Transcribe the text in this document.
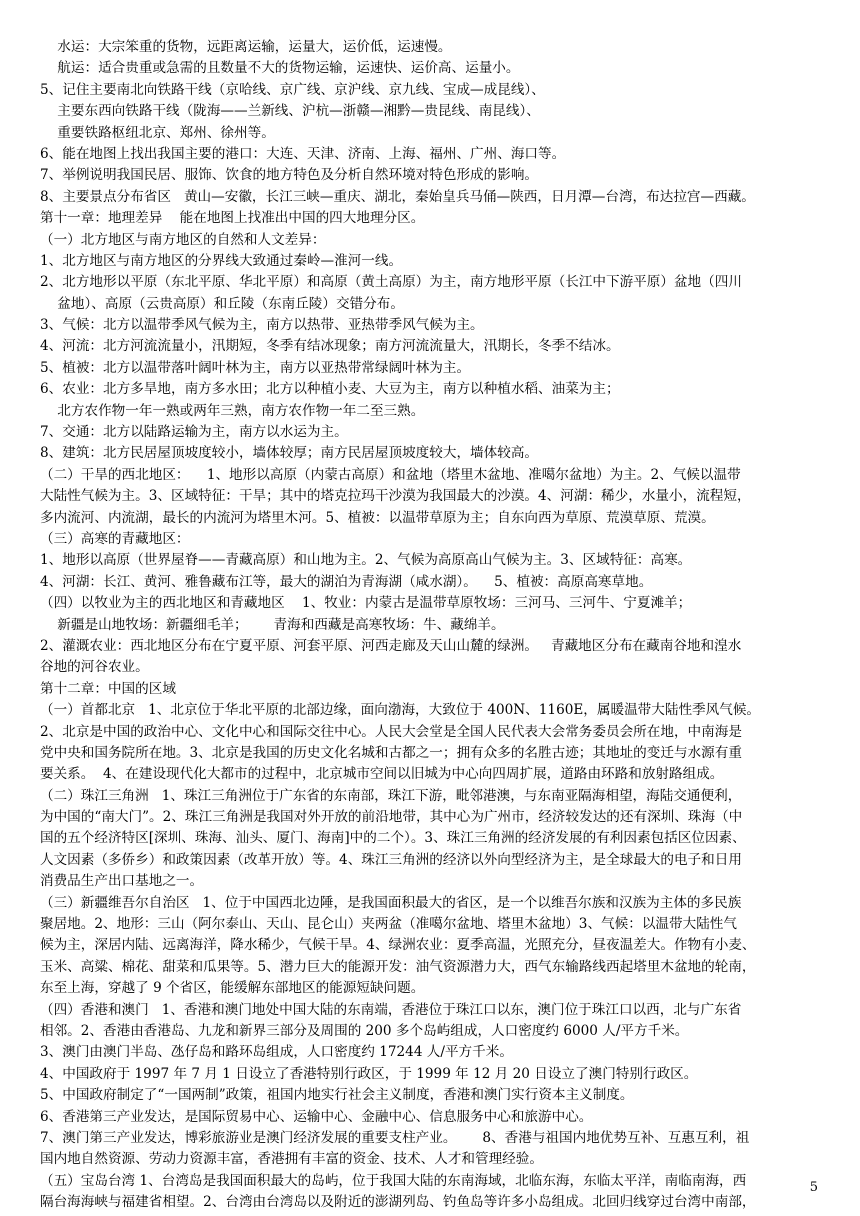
水运：大宗笨重的货物，远距离运输，运量大，运价低，运速慢。
航运：适合贵重或急需的且数量不大的货物运输，运速快、运价高、运量小。
5、记住主要南北向铁路干线（京哈线、京广线、京沪线、京九线、宝成—成昆线）、
主要东西向铁路干线（陇海——兰新线、沪杭—浙赣—湘黔—贵昆线、南昆线）、
重要铁路枢纽北京、郑州、徐州等。
6、能在地图上找出我国主要的港口：大连、天津、济南、上海、福州、广州、海口等。
7、举例说明我国民居、服饰、饮食的地方特色及分析自然环境对特色形成的影响。
8、主要景点分布省区   黄山—安徽，长江三峡—重庆、湖北，秦始皇兵马俑—陕西，日月潭—台湾，布达拉宫—西藏。
第十一章：地理差异    能在地图上找准出中国的四大地理分区。
（一）北方地区与南方地区的自然和人文差异：
1、北方地区与南方地区的分界线大致通过秦岭—淮河一线。
2、北方地形以平原（东北平原、华北平原）和高原（黄土高原）为主，南方地形平原（长江中下游平原）盆地（四川
盆地）、高原（云贵高原）和丘陵（东南丘陵）交错分布。
3、气候：北方以温带季风气候为主，南方以热带、亚热带季风气候为主。
4、河流：北方河流流量小，汛期短，冬季有结冰现象；南方河流流量大，汛期长，冬季不结冰。
5、植被：北方以温带落叶阔叶林为主，南方以亚热带常绿阔叶林为主。
6、农业：北方多旱地，南方多水田；北方以种植小麦、大豆为主，南方以种植水稻、油菜为主；
北方农作物一年一熟或两年三熟，南方农作物一年二至三熟。
7、交通：北方以陆路运输为主，南方以水运为主。
8、建筑：北方民居屋顶坡度较小，墙体较厚；南方民居屋顶坡度较大，墙体较高。
（二）干旱的西北地区：    1、地形以高原（内蒙古高原）和盆地（塔里木盆地、准噶尔盆地）为主。2、气候以温带
大陆性气候为主。3、区域特征：干旱；其中的塔克拉玛干沙漠为我国最大的沙漠。4、河湖：稀少，水量小，流程短，
多内流河、内流湖，最长的内流河为塔里木河。5、植被：以温带草原为主；自东向西为草原、荒漠草原、荒漠。
（三）高寒的青藏地区：
1、地形以高原（世界屋脊——青藏高原）和山地为主。2、气候为高原高山气候为主。3、区域特征：高寒。
4、河湖：长江、黄河、雅鲁藏布江等，最大的湖泊为青海湖（咸水湖）。    5、植被：高原高寒草地。
（四）以牧业为主的西北地区和青藏地区    1、牧业：内蒙古是温带草原牧场：三河马、三河牛、宁夏滩羊；
新疆是山地牧场：新疆细毛羊；      青海和西藏是高寒牧场：牛、藏绵羊。
2、灌溉农业：西北地区分布在宁夏平原、河套平原、河西走廊及天山山麓的绿洲。   青藏地区分布在藏南谷地和湟水
谷地的河谷农业。
第十二章：中国的区域
（一）首都北京   1、北京位于华北平原的北部边缘，面向渤海，大致位于 400N、1160E，属暖温带大陆性季风气候。
2、北京是中国的政治中心、文化中心和国际交往中心。人民大会堂是全国人民代表大会常务委员会所在地，中南海是
党中央和国务院所在地。3、北京是我国的历史文化名城和古都之一；拥有众多的名胜古迹；其地址的变迁与水源有重
要关系。  4、在建设现代化大都市的过程中，北京城市空间以旧城为中心向四周扩展，道路由环路和放射路组成。
（二）珠江三角洲   1、珠江三角洲位于广东省的东南部，珠江下游，毗邻港澳，与东南亚隔海相望，海陆交通便利，
为中国的“南大门”。2、珠江三角洲是我国对外开放的前沿地带，其中心为广州市，经济较发达的还有深圳、珠海（中
国的五个经济特区[深圳、珠海、汕头、厦门、海南]中的二个）。3、珠江三角洲的经济发展的有利因素包括区位因素、
人文因素（多侨乡）和政策因素（改革开放）等。4、珠江三角洲的经济以外向型经济为主，是全球最大的电子和日用
消费品生产出口基地之一。
（三）新疆维吾尔自治区   1、位于中国西北边陲，是我国面积最大的省区，是一个以维吾尔族和汉族为主体的多民族
聚居地。2、地形：三山（阿尔泰山、天山、昆仑山）夹两盆（准噶尔盆地、塔里木盆地）3、气候：以温带大陆性气
候为主，深居内陆、远离海洋，降水稀少，气候干旱。4、绿洲农业：夏季高温，光照充分，昼夜温差大。作物有小麦、
玉米、高粱、棉花、甜菜和瓜果等。5、潜力巨大的能源开发：油气资源潜力大，西气东输路线西起塔里木盆地的轮南，
东至上海，穿越了 9 个省区，能缓解东部地区的能源短缺问题。
（四）香港和澳门   1、香港和澳门地处中国大陆的东南端，香港位于珠江口以东，澳门位于珠江口以西，北与广东省
相邻。2、香港由香港岛、九龙和新界三部分及周围的 200 多个岛屿组成，人口密度约 6000 人/平方千米。
3、澳门由澳门半岛、氹仔岛和路环岛组成，人口密度约 17244 人/平方千米。
4、中国政府于 1997 年 7 月 1 日设立了香港特别行政区，于 1999 年 12 月 20 日设立了澳门特别行政区。
5、中国政府制定了“一国两制”政策，祖国内地实行社会主义制度，香港和澳门实行资本主义制度。
6、香港第三产业发达，是国际贸易中心、运输中心、金融中心、信息服务中心和旅游中心。
7、澳门第三产业发达，博彩旅游业是澳门经济发展的重要支柱产业。      8、香港与祖国内地优势互补、互惠互利，祖
国内地自然资源、劳动力资源丰富，香港拥有丰富的资金、技术、人才和管理经验。
（五）宝岛台湾 1、台湾岛是我国面积最大的岛屿，位于我国大陆的东南海域，北临东海，东临太平洋，南临南海，西
隔台海海峡与福建省相望。2、台湾由台湾岛以及附近的澎湖列岛、钓鱼岛等许多小岛组成。北回归线穿过台湾中南部，
5
